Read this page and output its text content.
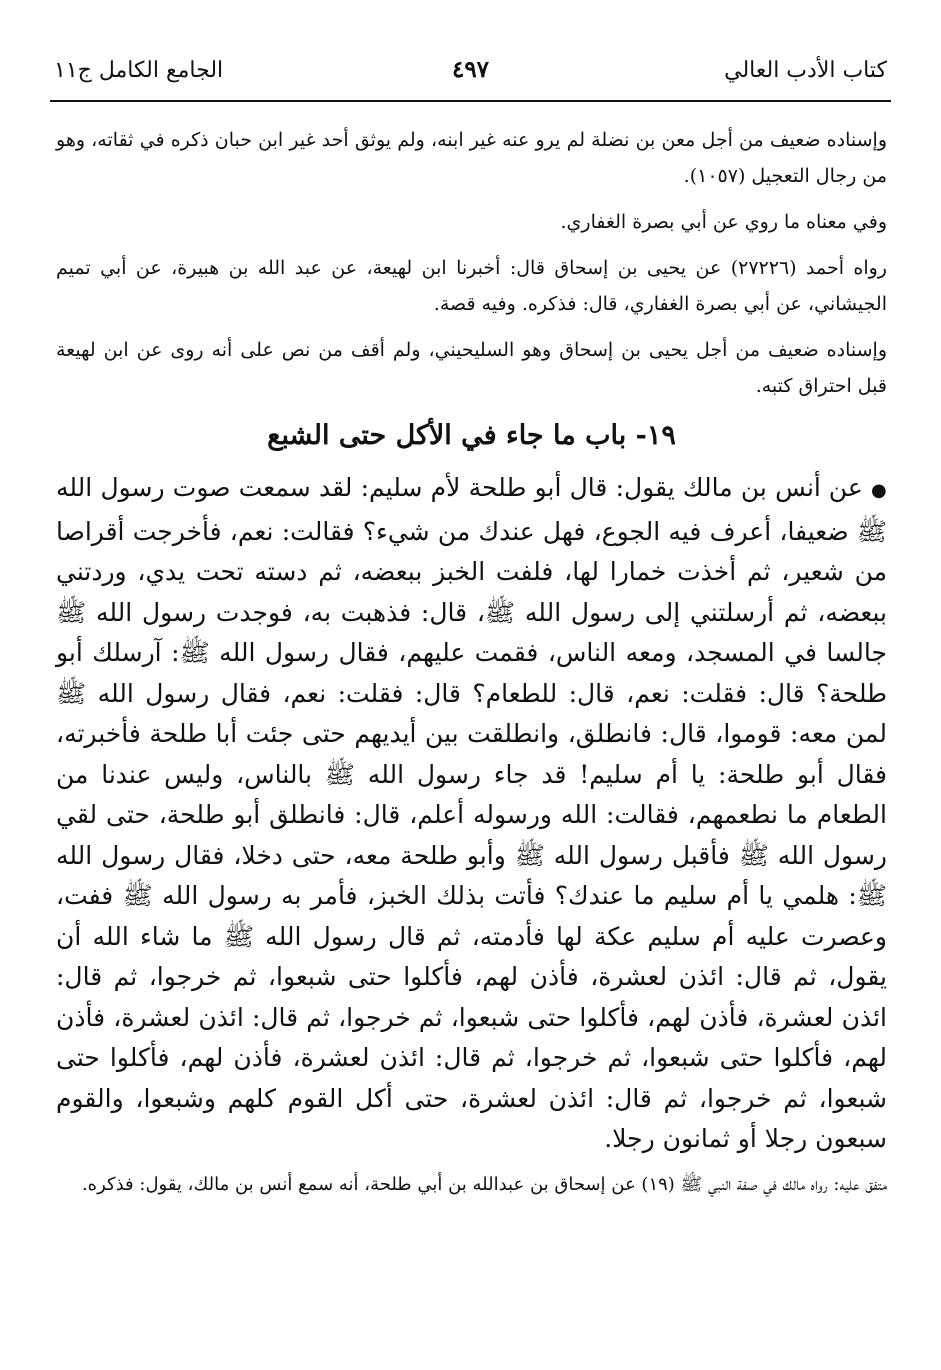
كتاب الأدب العالي
٤٩٧
الجامع الكامل ج١١

وإسناده ضعيف من أجل معن بن نضلة لم يرو عنه غير ابنه، ولم يوثق أحد غير ابن حبان ذكره في ثقاته، وهو من رجال التعجيل (١٠٥٧).

وفي معناه ما روي عن أبي بصرة الغفاري.

رواه أحمد (٢٧٢٢٦) عن يحيى بن إسحاق قال: أخبرنا ابن لهيعة، عن عبد الله بن هبيرة، عن أبي تميم الجيشاني، عن أبي بصرة الغفاري، قال: فذكره. وفيه قصة.

وإسناده ضعيف من أجل يحيى بن إسحاق وهو السليحيني، ولم أقف من نص على أنه روى عن ابن لهيعة قبل احتراق كتبه.

١٩- باب ما جاء في الأكل حتى الشبع

● عن أنس بن مالك يقول: قال أبو طلحة لأم سليم: لقد سمعت صوت رسول الله ﷺ ضعيفا، أعرف فيه الجوع، فهل عندك من شيء؟ فقالت: نعم، فأخرجت أقراصا من شعير، ثم أخذت خمارا لها، فلفت الخبز ببعضه، ثم دسته تحت يدي، وردتني ببعضه، ثم أرسلتني إلى رسول الله ﷺ، قال: فذهبت به، فوجدت رسول الله ﷺ جالسا في المسجد، ومعه الناس، فقمت عليهم، فقال رسول الله ﷺ: آرسلك أبو طلحة؟ قال: فقلت: نعم، قال: للطعام؟ قال: فقلت: نعم، فقال رسول الله ﷺ لمن معه: قوموا، قال: فانطلق، وانطلقت بين أيديهم حتى جئت أبا طلحة فأخبرته، فقال أبو طلحة: يا أم سليم! قد جاء رسول الله ﷺ بالناس، وليس عندنا من الطعام ما نطعمهم، فقالت: الله ورسوله أعلم، قال: فانطلق أبو طلحة، حتى لقي رسول الله ﷺ فأقبل رسول الله ﷺ وأبو طلحة معه، حتى دخلا، فقال رسول الله ﷺ: هلمي يا أم سليم ما عندك؟ فأتت بذلك الخبز، فأمر به رسول الله ﷺ ففت، وعصرت عليه أم سليم عكة لها فأدمته، ثم قال رسول الله ﷺ ما شاء الله أن يقول، ثم قال: ائذن لعشرة، فأذن لهم، فأكلوا حتى شبعوا، ثم خرجوا، ثم قال: ائذن لعشرة، فأذن لهم، فأكلوا حتى شبعوا، ثم خرجوا، ثم قال: ائذن لعشرة، فأذن لهم، فأكلوا حتى شبعوا، ثم خرجوا، ثم قال: ائذن لعشرة، فأذن لهم، فأكلوا حتى شبعوا، ثم خرجوا، ثم قال: ائذن لعشرة، حتى أكل القوم كلهم وشبعوا، والقوم سبعون رجلا أو ثمانون رجلا.

متفق عليه: رواه مالك في صفة النبي ﷺ (١٩) عن إسحاق بن عبدالله بن أبي طلحة، أنه سمع أنس بن مالك، يقول: فذكره.
